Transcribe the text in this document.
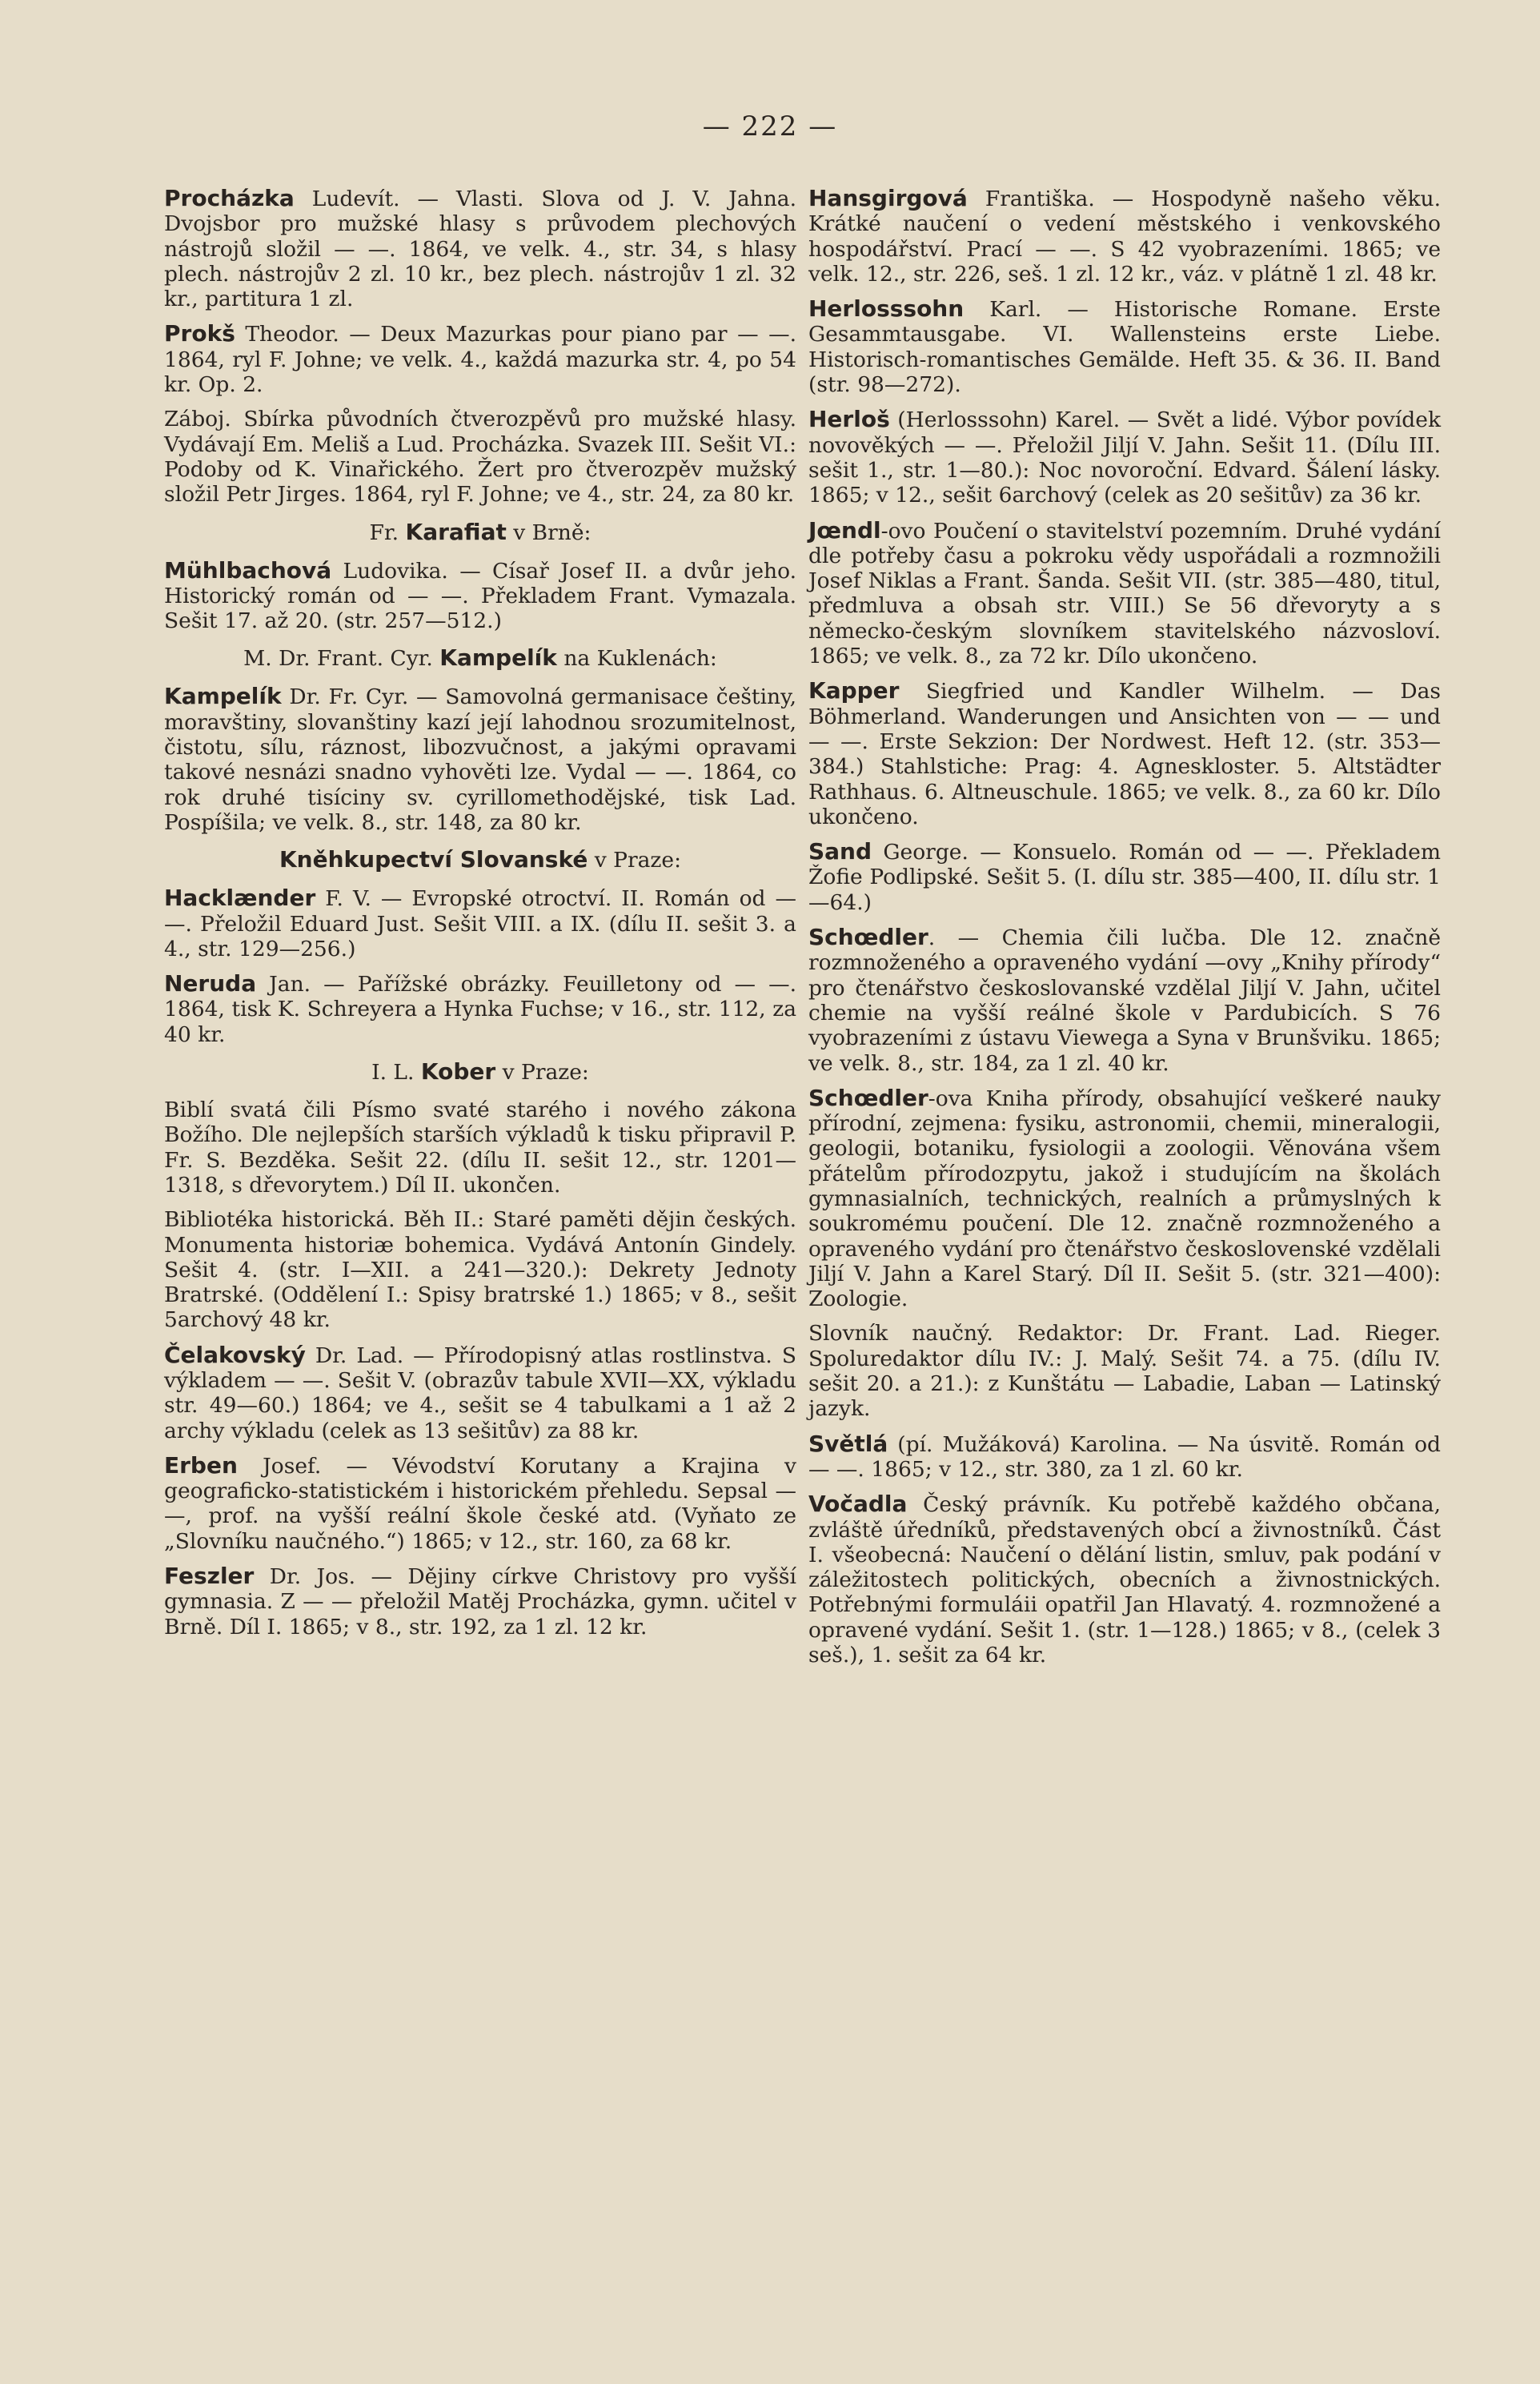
— 222 —
Procházka Ludevít. — Vlasti. Slova od J. V. Jahna. Dvojsbor pro mužské hlasy s průvodem plechových nástrojů složil — —. 1864, ve velk. 4., str. 34, s hlasy plech. nástrojův 2 zl. 10 kr., bez plech. nástrojův 1 zl. 32 kr., partitura 1 zl.
Prokš Theodor. — Deux Mazurkas pour piano par — —. 1864, ryl F. Johne; ve velk. 4., každá mazurka str. 4, po 54 kr. Op. 2.
Záboj. Sbírka původních čtverozpěvů pro mužské hlasy. Vydávají Em. Meliš a Lud. Procházka. Svazek III. Sešit VI.: Podoby od K. Vinařického. Žert pro čtverozpěv mužský složil Petr Jirges. 1864, ryl F. Johne; ve 4., str. 24, za 80 kr.
Fr. Karafiat v Brně:
Mühlbachová Ludovika. — Císař Josef II. a dvůr jeho. Historický román od — —. Překladem Frant. Vymazala. Sešit 17. až 20. (str. 257—512.)
M. Dr. Frant. Cyr. Kampelík na Kuklenách:
Kampelík Dr. Fr. Cyr. — Samovolná germanisace češtiny, moravštiny, slovanštiny kazí její lahodnou srozumitelnost, čistotu, sílu, ráznost, libozvučnost, a jakými opravami takové nesnázi snadno vyhověti lze. Vydal — —. 1864, co rok druhé tisíciny sv. cyrillomethodějské, tisk Lad. Pospíšila; ve velk. 8., str. 148, za 80 kr.
Kněhkupectví Slovanské v Praze:
Hacklænder F. V. — Evropské otroctví. II. Román od — —. Přeložil Eduard Just. Sešit VIII. a IX. (dílu II. sešit 3. a 4., str. 129—256.)
Neruda Jan. — Pařížské obrázky. Feuilletony od — —. 1864, tisk K. Schreyera a Hynka Fuchse; v 16., str. 112, za 40 kr.
I. L. Kober v Praze:
Biblí svatá čili Písmo svaté starého i nového zákona Božího. Dle nejlepších starších výkladů k tisku připravil P. Fr. S. Bezděka. Sešit 22. (dílu II. sešit 12., str. 1201—1318, s dřevorytem.) Díl II. ukončen.
Bibliotéka historická. Běh II.: Staré paměti dějin českých. Monumenta historiæ bohemica. Vydává Antonín Gindely. Sešit 4. (str. I—XII. a 241—320.): Dekrety Jednoty Bratrské. (Oddělení I.: Spisy bratrské 1.) 1865; v 8., sešit 5archový 48 kr.
Čelakovský Dr. Lad. — Přírodopisný atlas rostlinstva. S výkladem — —. Sešit V. (obrazův tabule XVII—XX, výkladu str. 49—60.) 1864; ve 4., sešit se 4 tabulkami a 1 až 2 archy výkladu (celek as 13 sešitův) za 88 kr.
Erben Josef. — Vévodství Korutany a Krajina v geograficko-statistickém i historickém přehledu. Sepsal — —, prof. na vyšší reální škole české atd. (Vyňato ze „Slovníku naučného.“) 1865; v 12., str. 160, za 68 kr.
Feszler Dr. Jos. — Dějiny církve Christovy pro vyšší gymnasia. Z — — přeložil Matěj Procházka, gymn. učitel v Brně. Díl I. 1865; v 8., str. 192, za 1 zl. 12 kr.
Hansgirgová Františka. — Hospodyně našeho věku. Krátké naučení o vedení městského i venkovského hospodářství. Prací — —. S 42 vyobrazeními. 1865; ve velk. 12., str. 226, seš. 1 zl. 12 kr., váz. v plátně 1 zl. 48 kr.
Herlosssohn Karl. — Historische Romane. Erste Gesammtausgabe. VI. Wallensteins erste Liebe. Historisch-romantisches Gemälde. Heft 35. & 36. II. Band (str. 98—272).
Herloš (Herlosssohn) Karel. — Svět a lidé. Výbor povídek novověkých — —. Přeložil Jiljí V. Jahn. Sešit 11. (Dílu III. sešit 1., str. 1—80.): Noc novoroční. Edvard. Šálení lásky. 1865; v 12., sešit 6archový (celek as 20 sešitův) za 36 kr.
Jœndl-ovo Poučení o stavitelství pozemním. Druhé vydání dle potřeby času a pokroku vědy uspořádali a rozmnožili Josef Niklas a Frant. Šanda. Sešit VII. (str. 385—480, titul, předmluva a obsah str. VIII.) Se 56 dřevoryty a s německo-českým slovníkem stavitelského názvosloví. 1865; ve velk. 8., za 72 kr. Dílo ukončeno.
Kapper Siegfried und Kandler Wilhelm. — Das Böhmerland. Wanderungen und Ansichten von — — und — —. Erste Sekzion: Der Nordwest. Heft 12. (str. 353—384.) Stahlstiche: Prag: 4. Agneskloster. 5. Altstädter Rathhaus. 6. Altneuschule. 1865; ve velk. 8., za 60 kr. Dílo ukončeno.
Sand George. — Konsuelo. Román od — —. Překladem Žofie Podlipské. Sešit 5. (I. dílu str. 385—400, II. dílu str. 1—64.)
Schœdler. — Chemia čili lučba. Dle 12. značně rozmnoženého a opraveného vydání —ovy „Knihy přírody“ pro čtenářstvo českoslovanské vzdělal Jiljí V. Jahn, učitel chemie na vyšší reálné škole v Pardubicích. S 76 vyobrazeními z ústavu Viewega a Syna v Brunšviku. 1865; ve velk. 8., str. 184, za 1 zl. 40 kr.
Schœdler-ova Kniha přírody, obsahující veškeré nauky přírodní, zejmena: fysiku, astronomii, chemii, mineralogii, geologii, botaniku, fysiologii a zoologii. Věnována všem přátelům přírodozpytu, jakož i studujícím na školách gymnasialních, technických, realních a průmyslných k soukromému poučení. Dle 12. značně rozmnoženého a opraveného vydání pro čtenářstvo československé vzdělali Jiljí V. Jahn a Karel Starý. Díl II. Sešit 5. (str. 321—400): Zoologie.
Slovník naučný. Redaktor: Dr. Frant. Lad. Rieger. Spoluredaktor dílu IV.: J. Malý. Sešit 74. a 75. (dílu IV. sešit 20. a 21.): z Kunštátu — Labadie, Laban — Latinský jazyk.
Světlá (pí. Mužáková) Karolina. — Na úsvitě. Román od — —. 1865; v 12., str. 380, za 1 zl. 60 kr.
Vočadla Český právník. Ku potřebě každého občana, zvláště úředníků, představených obcí a živnostníků. Část I. všeobecná: Naučení o dělání listin, smluv, pak podání v záležitostech politických, obecních a živnostnických. Potřebnými formuláii opatřil Jan Hlavatý. 4. rozmnožené a opravené vydání. Sešit 1. (str. 1—128.) 1865; v 8., (celek 3 seš.), 1. sešit za 64 kr.
